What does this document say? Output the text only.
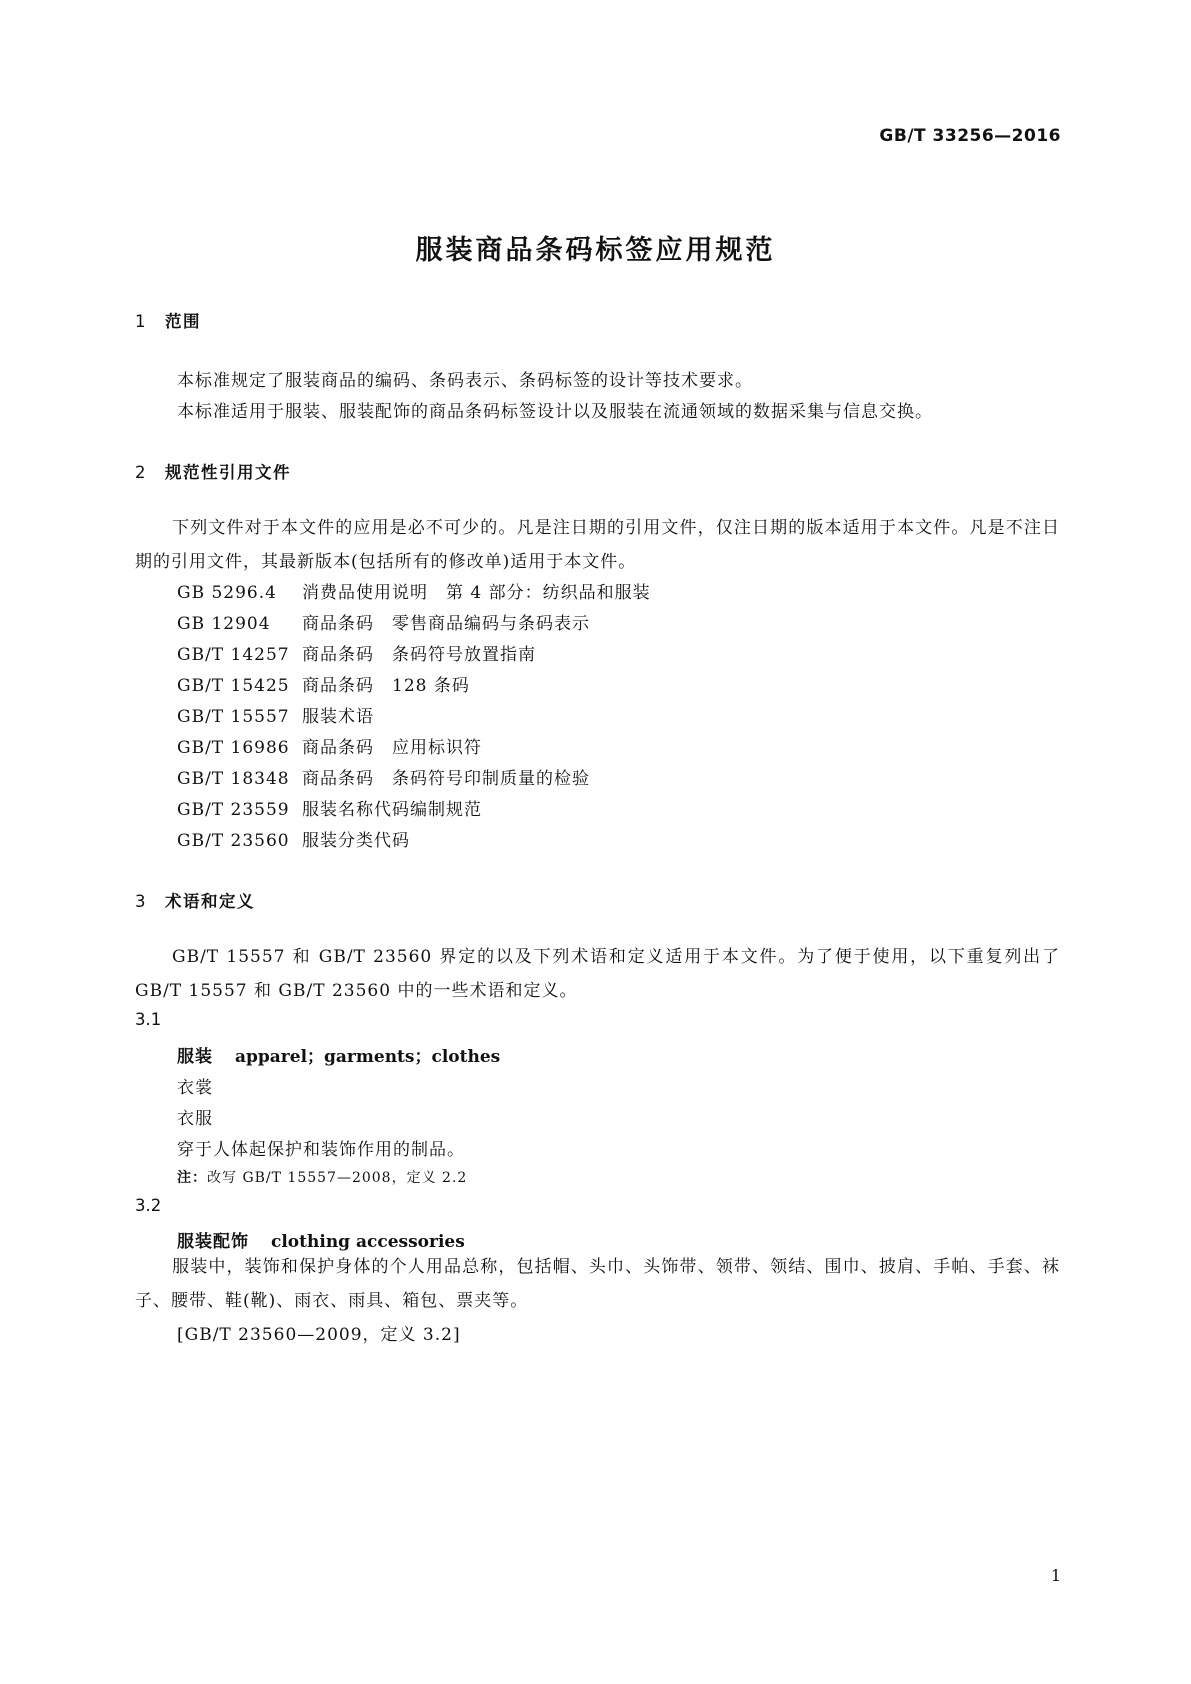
GB/T 33256—2016
服装商品条码标签应用规范
1 范围
本标准规定了服装商品的编码、条码表示、条码标签的设计等技术要求。
本标准适用于服装、服装配饰的商品条码标签设计以及服装在流通领域的数据采集与信息交换。
2 规范性引用文件
下列文件对于本文件的应用是必不可少的。凡是注日期的引用文件，仅注日期的版本适用于本文件。凡是不注日期的引用文件，其最新版本(包括所有的修改单)适用于本文件。
GB 5296.4 消费品使用说明　第 4 部分：纺织品和服装
GB 12904 商品条码　零售商品编码与条码表示
GB/T 14257 商品条码　条码符号放置指南
GB/T 15425 商品条码　128 条码
GB/T 15557 服装术语
GB/T 16986 商品条码　应用标识符
GB/T 18348 商品条码　条码符号印制质量的检验
GB/T 23559 服装名称代码编制规范
GB/T 23560 服装分类代码
3 术语和定义
GB/T 15557 和 GB/T 23560 界定的以及下列术语和定义适用于本文件。为了便于使用，以下重复列出了 GB/T 15557 和 GB/T 23560 中的一些术语和定义。
3.1
服装 apparel；garments；clothes
衣裳
衣服
穿于人体起保护和装饰作用的制品。
注：改写 GB/T 15557—2008，定义 2.2
3.2
服装配饰 clothing accessories
服装中，装饰和保护身体的个人用品总称，包括帽、头巾、头饰带、领带、领结、围巾、披肩、手帕、手套、袜子、腰带、鞋(靴)、雨衣、雨具、箱包、票夹等。
[GB/T 23560—2009，定义 3.2]
1
